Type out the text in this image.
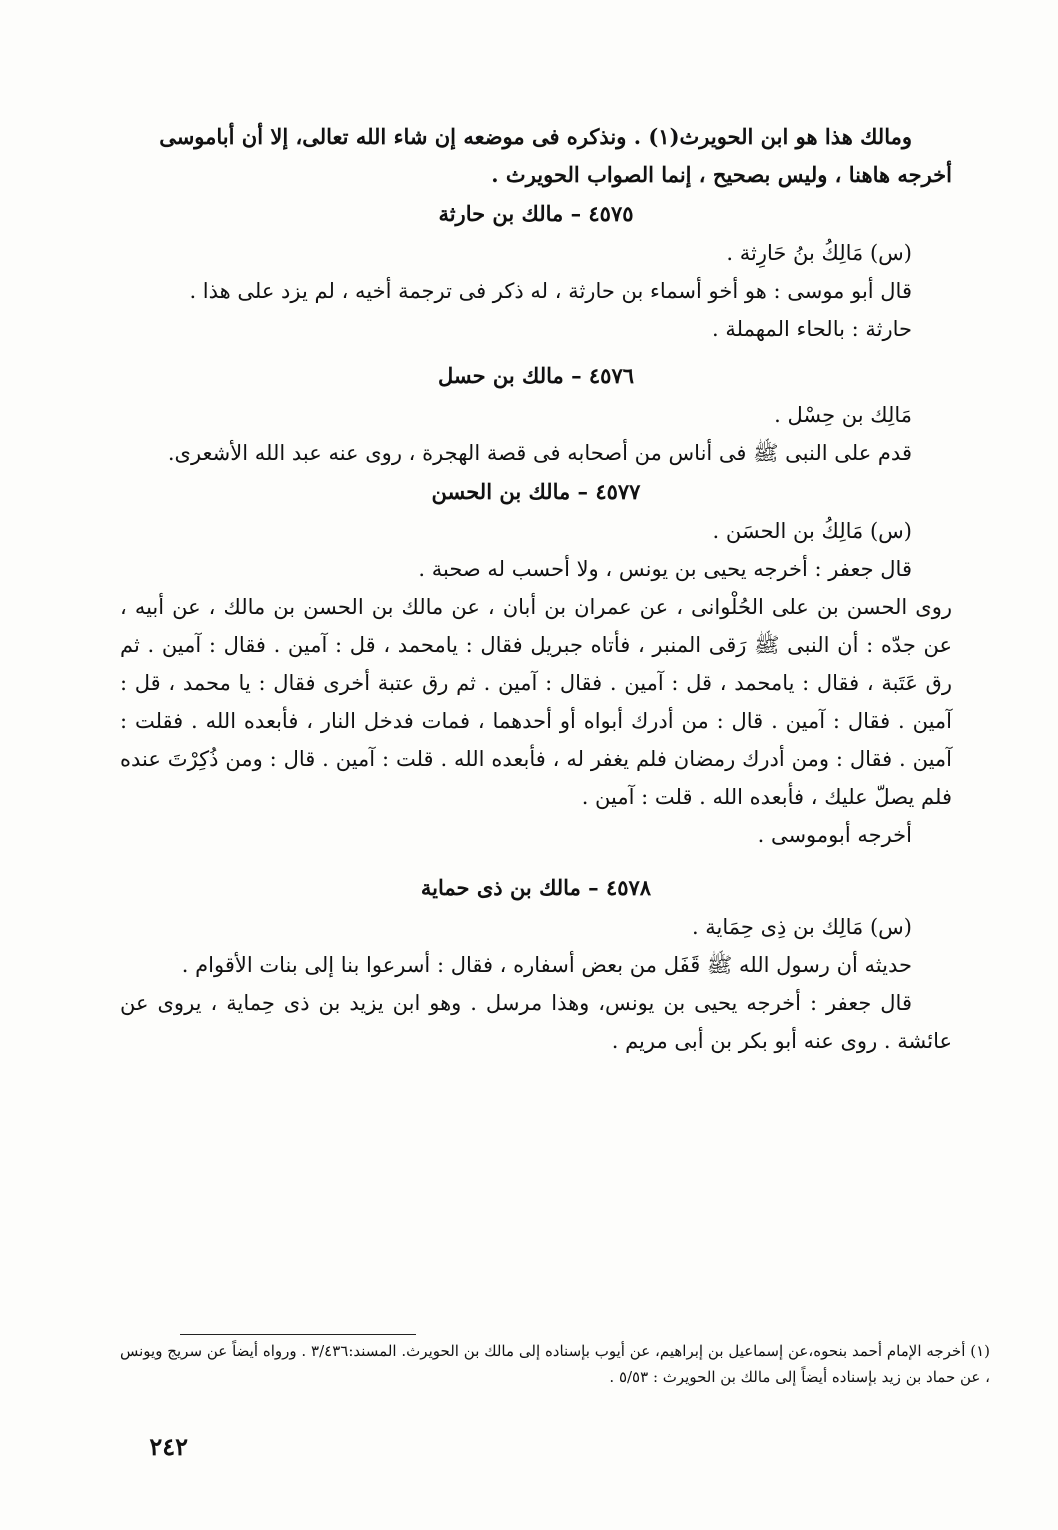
ومالك هذا هو ابن الحويرث(١) . ونذكره فى موضعه إن شاء الله تعالى، إلا أن أباموسى

أخرجه هاهنا ، وليس بصحيح ، إنما الصواب الحويرث .

٤٥٧٥ – مالك بن حارثة

(س) مَالِكُ بنُ حَارِثة .

قال أبو موسى : هو أخو أسماء بن حارثة ، له ذكر فى ترجمة أخيه ، لم يزد على هذا .

حارثة : بالحاء المهملة .

٤٥٧٦ – مالك بن حسل

مَالِك بن حِسْل .

قدم على النبى ﷺ فى أناس من أصحابه فى قصة الهجرة ، روى عنه عبد الله الأشعرى.

٤٥٧٧ – مالك بن الحسن

(س) مَالِكُ بن الحسَن .

قال جعفر : أخرجه يحيى بن يونس ، ولا أحسب له صحبة .

روى الحسن بن على الحُلْوانى ، عن عمران بن أبان ، عن مالك بن الحسن بن مالك ، عن أبيه ، عن جدّه : أن النبى ﷺ رَقى المنبر ، فأتاه جبريل فقال : يامحمد ، قل : آمين . فقال : آمين . ثم رق عَتَبة ، فقال : يامحمد ، قل : آمين . فقال : آمين . ثم رق عتبة أخرى فقال : يا محمد ، قل : آمين . فقال : آمين . قال : من أدرك أبواه أو أحدهما ، فمات فدخل النار ، فأبعده الله . فقلت : آمين . فقال : ومن أدرك رمضان فلم يغفر له ، فأبعده الله . قلت : آمين . قال : ومن ذُكِرْتَ عنده فلم يصلّ عليك ، فأبعده الله . قلت : آمين .

أخرجه أبوموسى .

٤٥٧٨ – مالك بن ذى حماية

(س) مَالِك بن ذِى حِمَاية .

حديثه أن رسول الله ﷺ قَفَل من بعض أسفاره ، فقال : أسرعوا بنا إلى بنات الأقوام .

قال جعفر : أخرجه يحيى بن يونس، وهذا مرسل . وهو ابن يزيد بن ذى حِماية ، يروى عن عائشة . روى عنه أبو بكر بن أبى مريم .

(١) أخرجه الإمام أحمد بنحوه،عن إسماعيل بن إبراهيم، عن أيوب بإسناده إلى مالك بن الحويرث. المسند:٣/٤٣٦ . ورواه أيضاً عن سريج ويونس ، عن حماد بن زيد بإسناده أيضاً إلى مالك بن الحويرث : ٥/٥٣ .

٢٤٢
